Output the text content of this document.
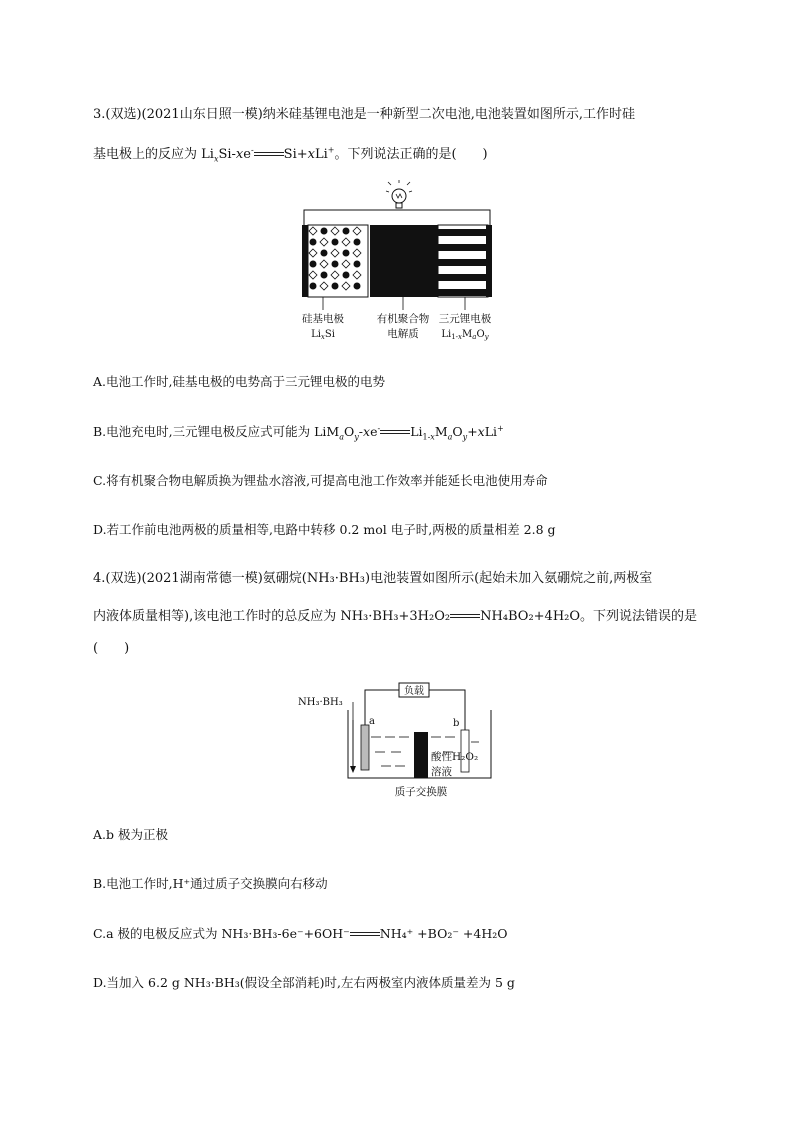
3.(双选)(2021山东日照一模)纳米硅基锂电池是一种新型二次电池,电池装置如图所示,工作时硅
基电极上的反应为 $Li_xSi-xe^-$ Si+xLi+。下列说法正确的是(　　)
硅基电极
$Li_xSi$
有机聚合物
电解质
三元锂电极
$Li_{1-x}M_aO_y$
A.电池工作时,硅基电极的电势高于三元锂电极的电势
B.电池充电时,三元锂电极反应式可能为 $LiM_aO_y-xe^-$ $Li_{1-x}M_aO_y+xLi^+$
C.将有机聚合物电解质换为锂盐水溶液,可提高电池工作效率并能延长电池使用寿命
D.若工作前电池两极的质量相等,电路中转移 0.2 mol 电子时,两极的质量相差 2.8 g
4.(双选)(2021湖南常德一模)氨硼烷(NH₃·BH₃)电池装置如图所示(起始未加入氨硼烷之前,两极室
内液体质量相等),该电池工作时的总反应为 NH₃·BH₃+3H₂O₂ NH₄BO₂+4H₂O。下列说法错误的是
(　　)
负载
NH₃·BH₃
a	b
酸性H₂O₂
溶液
质子交换膜
A.b 极为正极
B.电池工作时,H⁺通过质子交换膜向右移动
C.a 极的电极反应式为 NH₃·BH₃-6e⁻+6OH⁻ NH₄⁺ +BO₂⁻ +4H₂O
D.当加入 6.2 g NH₃·BH₃(假设全部消耗)时,左右两极室内液体质量差为 5 g
